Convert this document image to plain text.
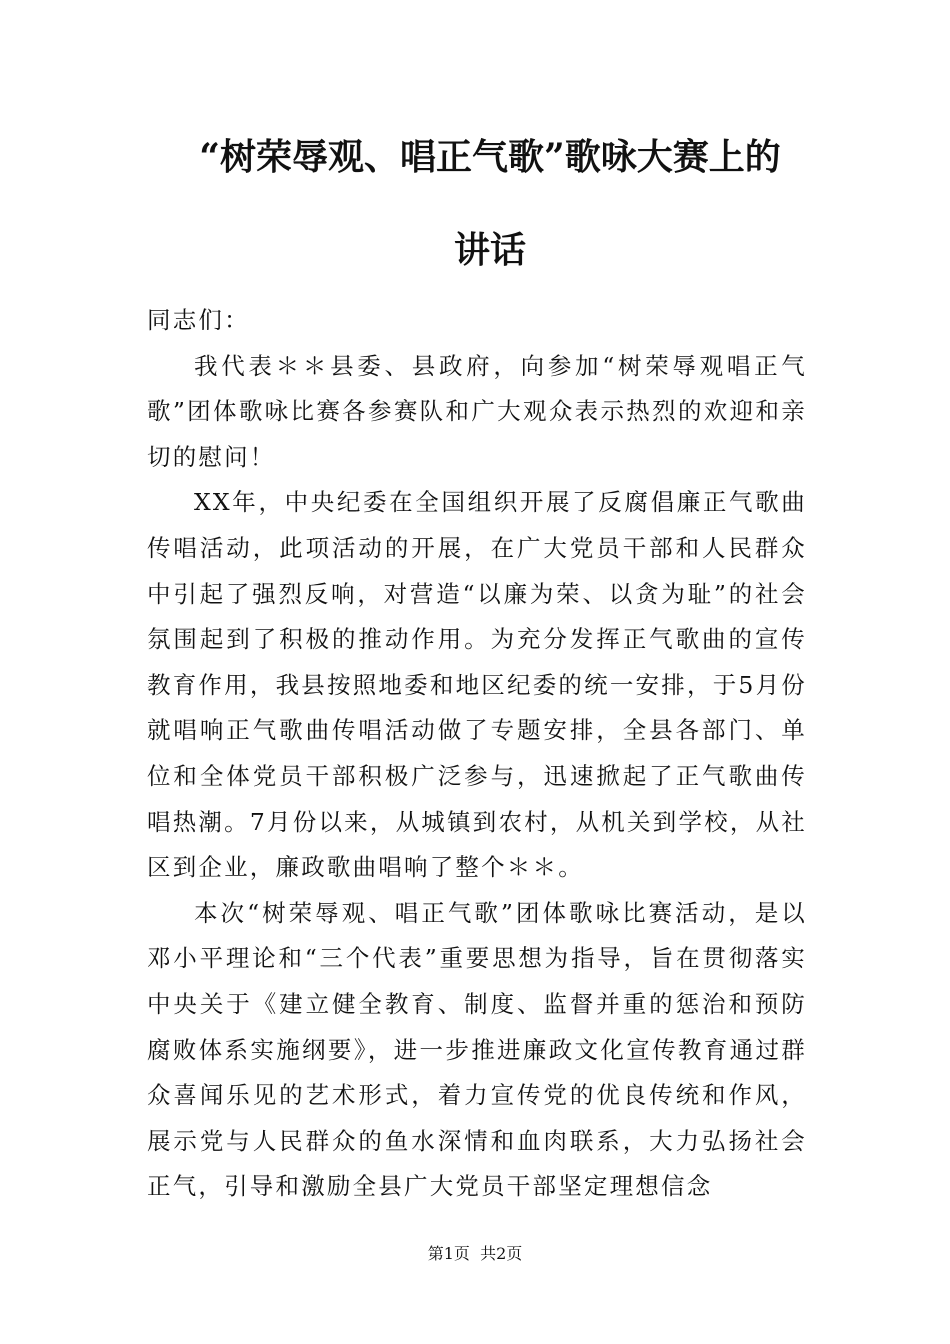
“树荣辱观、唱正气歌”歌咏大赛上的
讲话

同志们：

我代表＊＊县委、县政府，向参加“树荣辱观唱正气歌”团体歌咏比赛各参赛队和广大观众表示热烈的欢迎和亲切的慰问！

XX年，中央纪委在全国组织开展了反腐倡廉正气歌曲传唱活动，此项活动的开展，在广大党员干部和人民群众中引起了强烈反响，对营造“以廉为荣、以贪为耻”的社会氛围起到了积极的推动作用。为充分发挥正气歌曲的宣传教育作用，我县按照地委和地区纪委的统一安排，于5月份就唱响正气歌曲传唱活动做了专题安排，全县各部门、单位和全体党员干部积极广泛参与，迅速掀起了正气歌曲传唱热潮。7月份以来，从城镇到农村，从机关到学校，从社区到企业，廉政歌曲唱响了整个＊＊。

本次“树荣辱观、唱正气歌”团体歌咏比赛活动，是以邓小平理论和“三个代表”重要思想为指导，旨在贯彻落实中央关于《建立健全教育、制度、监督并重的惩治和预防腐败体系实施纲要》，进一步推进廉政文化宣传教育通过群众喜闻乐见的艺术形式，着力宣传党的优良传统和作风，展示党与人民群众的鱼水深情和血肉联系，大力弘扬社会正气，引导和激励全县广大党员干部坚定理想信念

第1页  共2页
